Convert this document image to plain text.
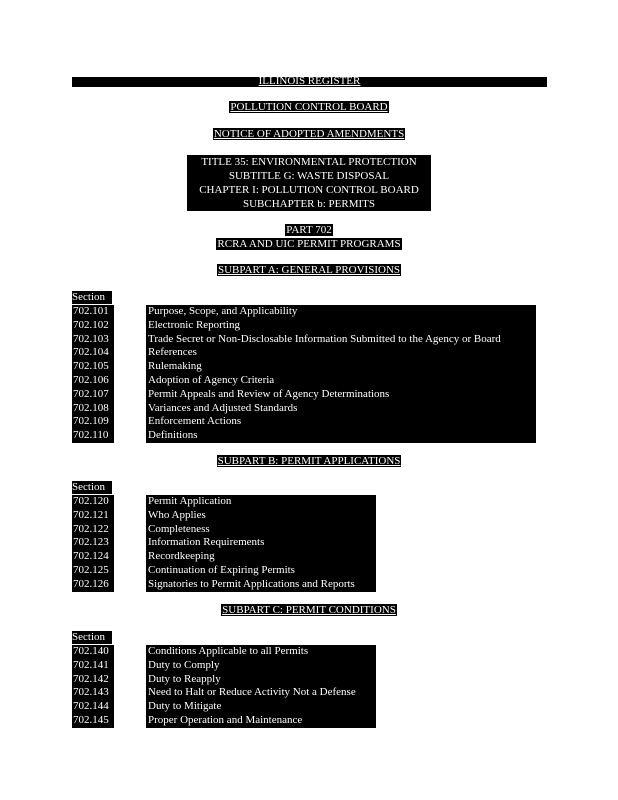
ILLINOIS REGISTER
POLLUTION CONTROL BOARD
NOTICE OF ADOPTED AMENDMENTS
TITLE 35: ENVIRONMENTAL PROTECTION
SUBTITLE G: WASTE DISPOSAL
CHAPTER I: POLLUTION CONTROL BOARD
SUBCHAPTER b: PERMITS
PART 702
RCRA AND UIC PERMIT PROGRAMS
SUBPART A: GENERAL PROVISIONS
Section
702.101	Purpose, Scope, and Applicability
702.102	Electronic Reporting
702.103	Trade Secret or Non-Disclosable Information Submitted to the Agency or Board
702.104	References
702.105	Rulemaking
702.106	Adoption of Agency Criteria
702.107	Permit Appeals and Review of Agency Determinations
702.108	Variances and Adjusted Standards
702.109	Enforcement Actions
702.110	Definitions
SUBPART B: PERMIT APPLICATIONS
Section
702.120	Permit Application
702.121	Who Applies
702.122	Completeness
702.123	Information Requirements
702.124	Recordkeeping
702.125	Continuation of Expiring Permits
702.126	Signatories to Permit Applications and Reports
SUBPART C: PERMIT CONDITIONS
Section
702.140	Conditions Applicable to all Permits
702.141	Duty to Comply
702.142	Duty to Reapply
702.143	Need to Halt or Reduce Activity Not a Defense
702.144	Duty to Mitigate
702.145	Proper Operation and Maintenance
